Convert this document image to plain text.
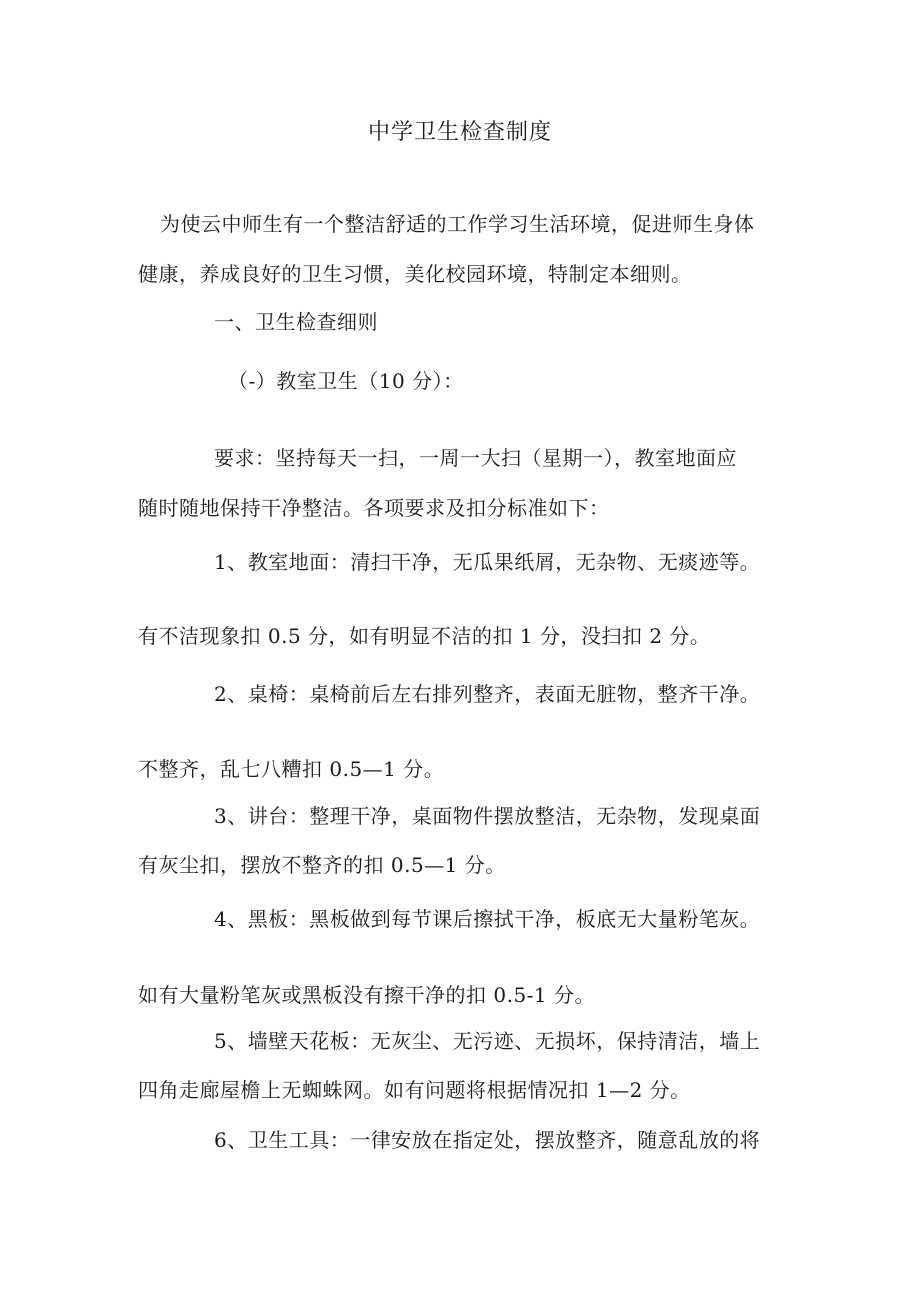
中学卫生检查制度
为使云中师生有一个整洁舒适的工作学习生活环境，促进师生身体
健康，养成良好的卫生习惯，美化校园环境，特制定本细则。
一、卫生检查细则
（-）教室卫生（10 分）：
要求：坚持每天一扫，一周一大扫（星期一），教室地面应
随时随地保持干净整洁。各项要求及扣分标准如下：
1、教室地面：清扫干净，无瓜果纸屑，无杂物、无痰迹等。
有不洁现象扣 0.5 分，如有明显不洁的扣 1 分，没扫扣 2 分。
2、桌椅：桌椅前后左右排列整齐，表面无脏物，整齐干净。
不整齐，乱七八糟扣 0.5—1 分。
3、讲台：整理干净，桌面物件摆放整洁，无杂物，发现桌面
有灰尘扣，摆放不整齐的扣 0.5—1 分。
4、黑板：黑板做到每节课后擦拭干净，板底无大量粉笔灰。
如有大量粉笔灰或黑板没有擦干净的扣 0.5-1 分。
5、墙壁天花板：无灰尘、无污迹、无损坏，保持清洁，墙上
四角走廊屋檐上无蜘蛛网。如有问题将根据情况扣 1—2 分。
6、卫生工具：一律安放在指定处，摆放整齐，随意乱放的将
